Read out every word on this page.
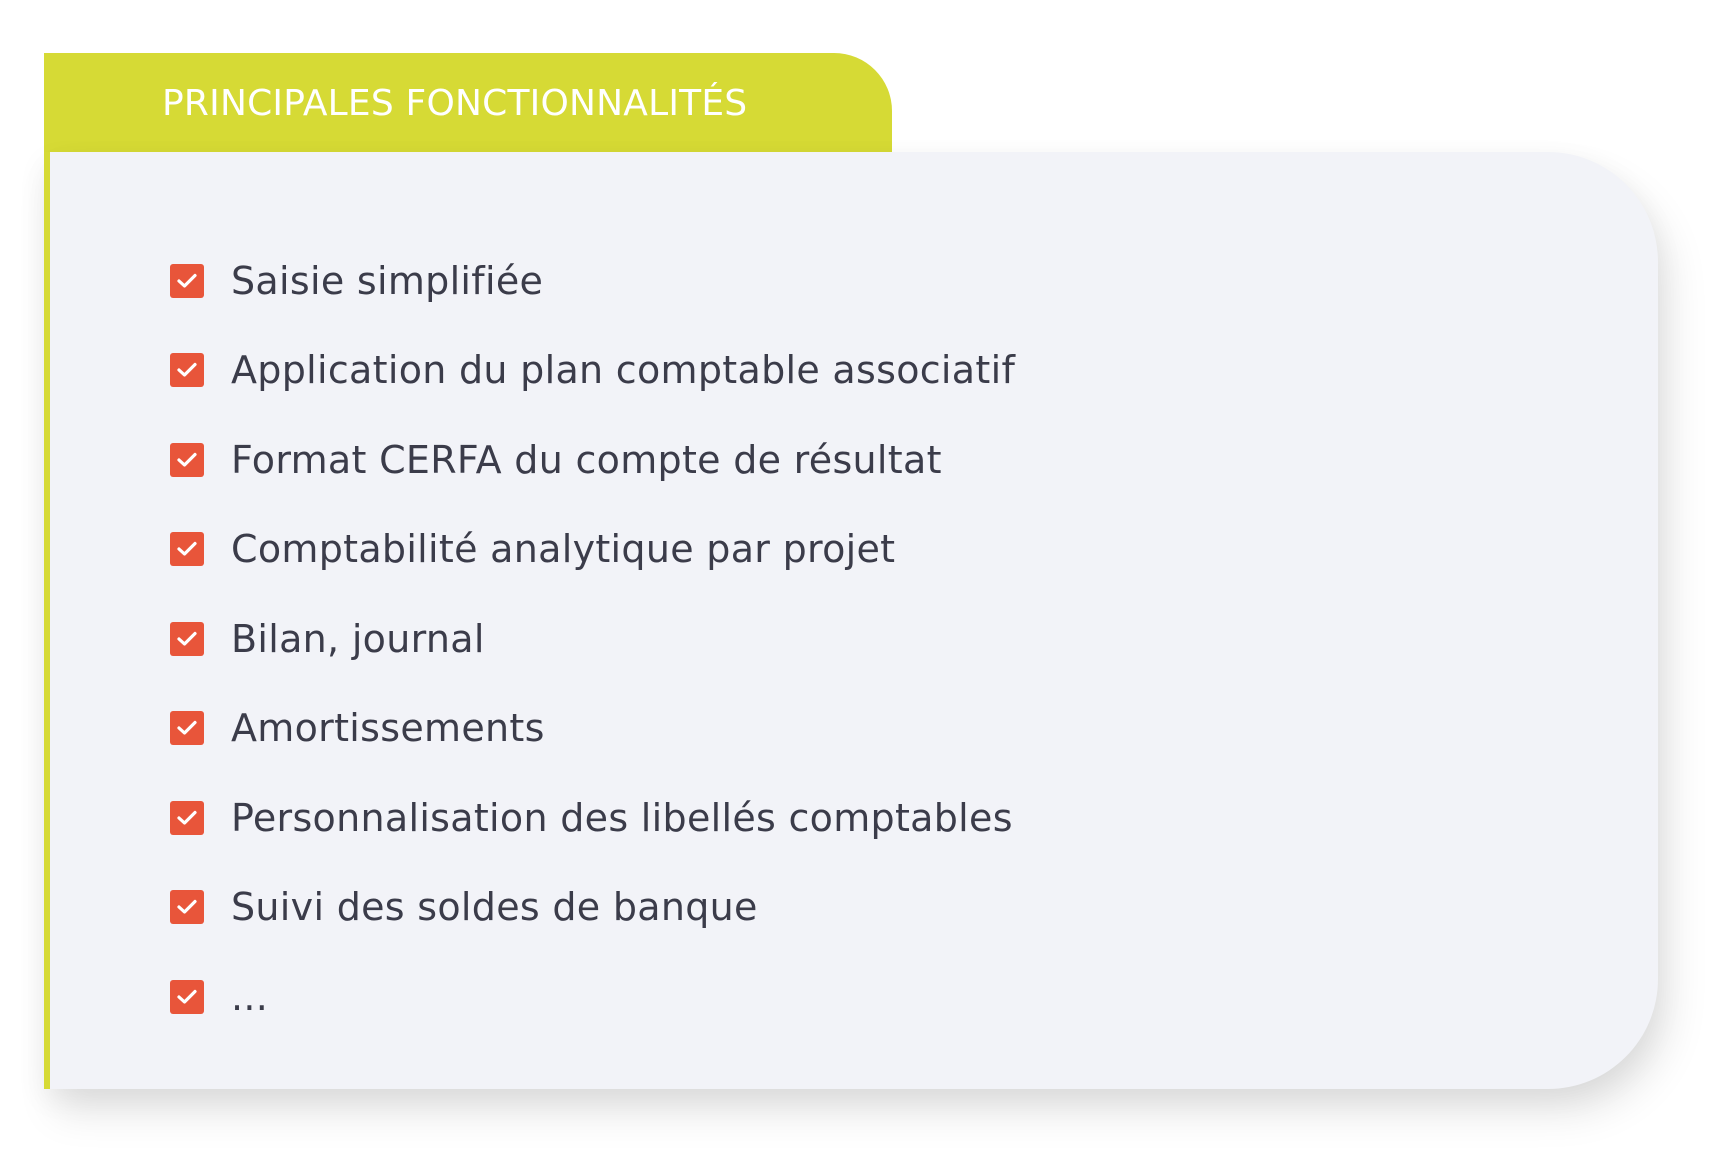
PRINCIPALES FONCTIONNALITÉS
Saisie simplifiée
Application du plan comptable associatif
Format CERFA du compte de résultat
Comptabilité analytique par projet
Bilan, journal
Amortissements
Personnalisation des libellés comptables
Suivi des soldes de banque
...
